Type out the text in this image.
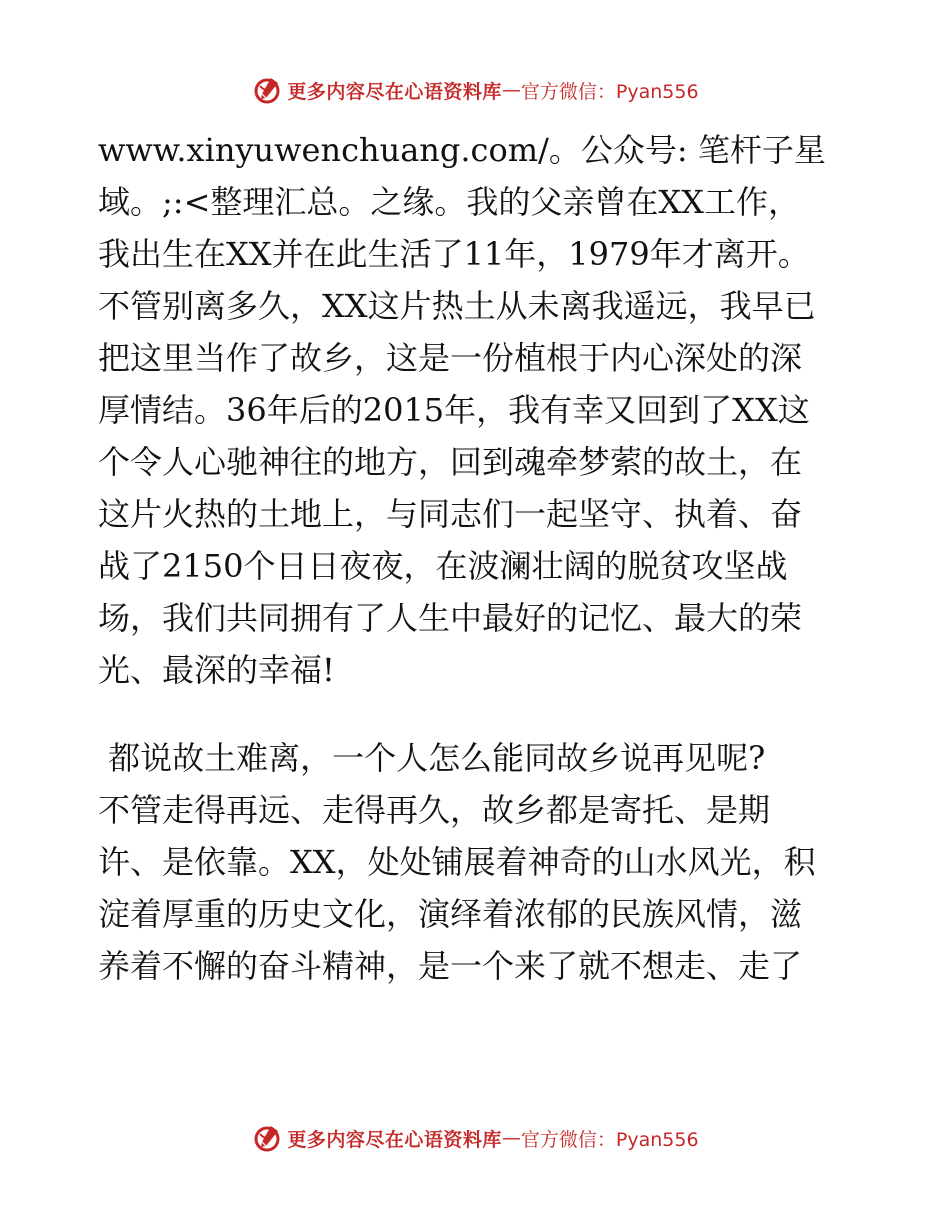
更多内容尽在心语资料库 — 官方微信：Pyan556
www.xinyuwenchuang.com/。公众号: 笔杆子星
域。;:<整理汇总。之缘。我的父亲曾在XX工作，
我出生在XX并在此生活了11年，1979年才离开。
不管别离多久，XX这片热土从未离我遥远，我早已
把这里当作了故乡，这是一份植根于内心深处的深
厚情结。36年后的2015年，我有幸又回到了XX这
个令人心驰神往的地方，回到魂牵梦萦的故土，在
这片火热的土地上，与同志们一起坚守、执着、奋
战了2150个日日夜夜，在波澜壮阔的脱贫攻坚战
场，我们共同拥有了人生中最好的记忆、最大的荣
光、最深的幸福!
都说故土难离，一个人怎么能同故乡说再见呢?
不管走得再远、走得再久，故乡都是寄托、是期
许、是依靠。XX，处处铺展着神奇的山水风光，积
淀着厚重的历史文化，演绎着浓郁的民族风情，滋
养着不懈的奋斗精神，是一个来了就不想走、走了
更多内容尽在心语资料库 — 官方微信：Pyan556
